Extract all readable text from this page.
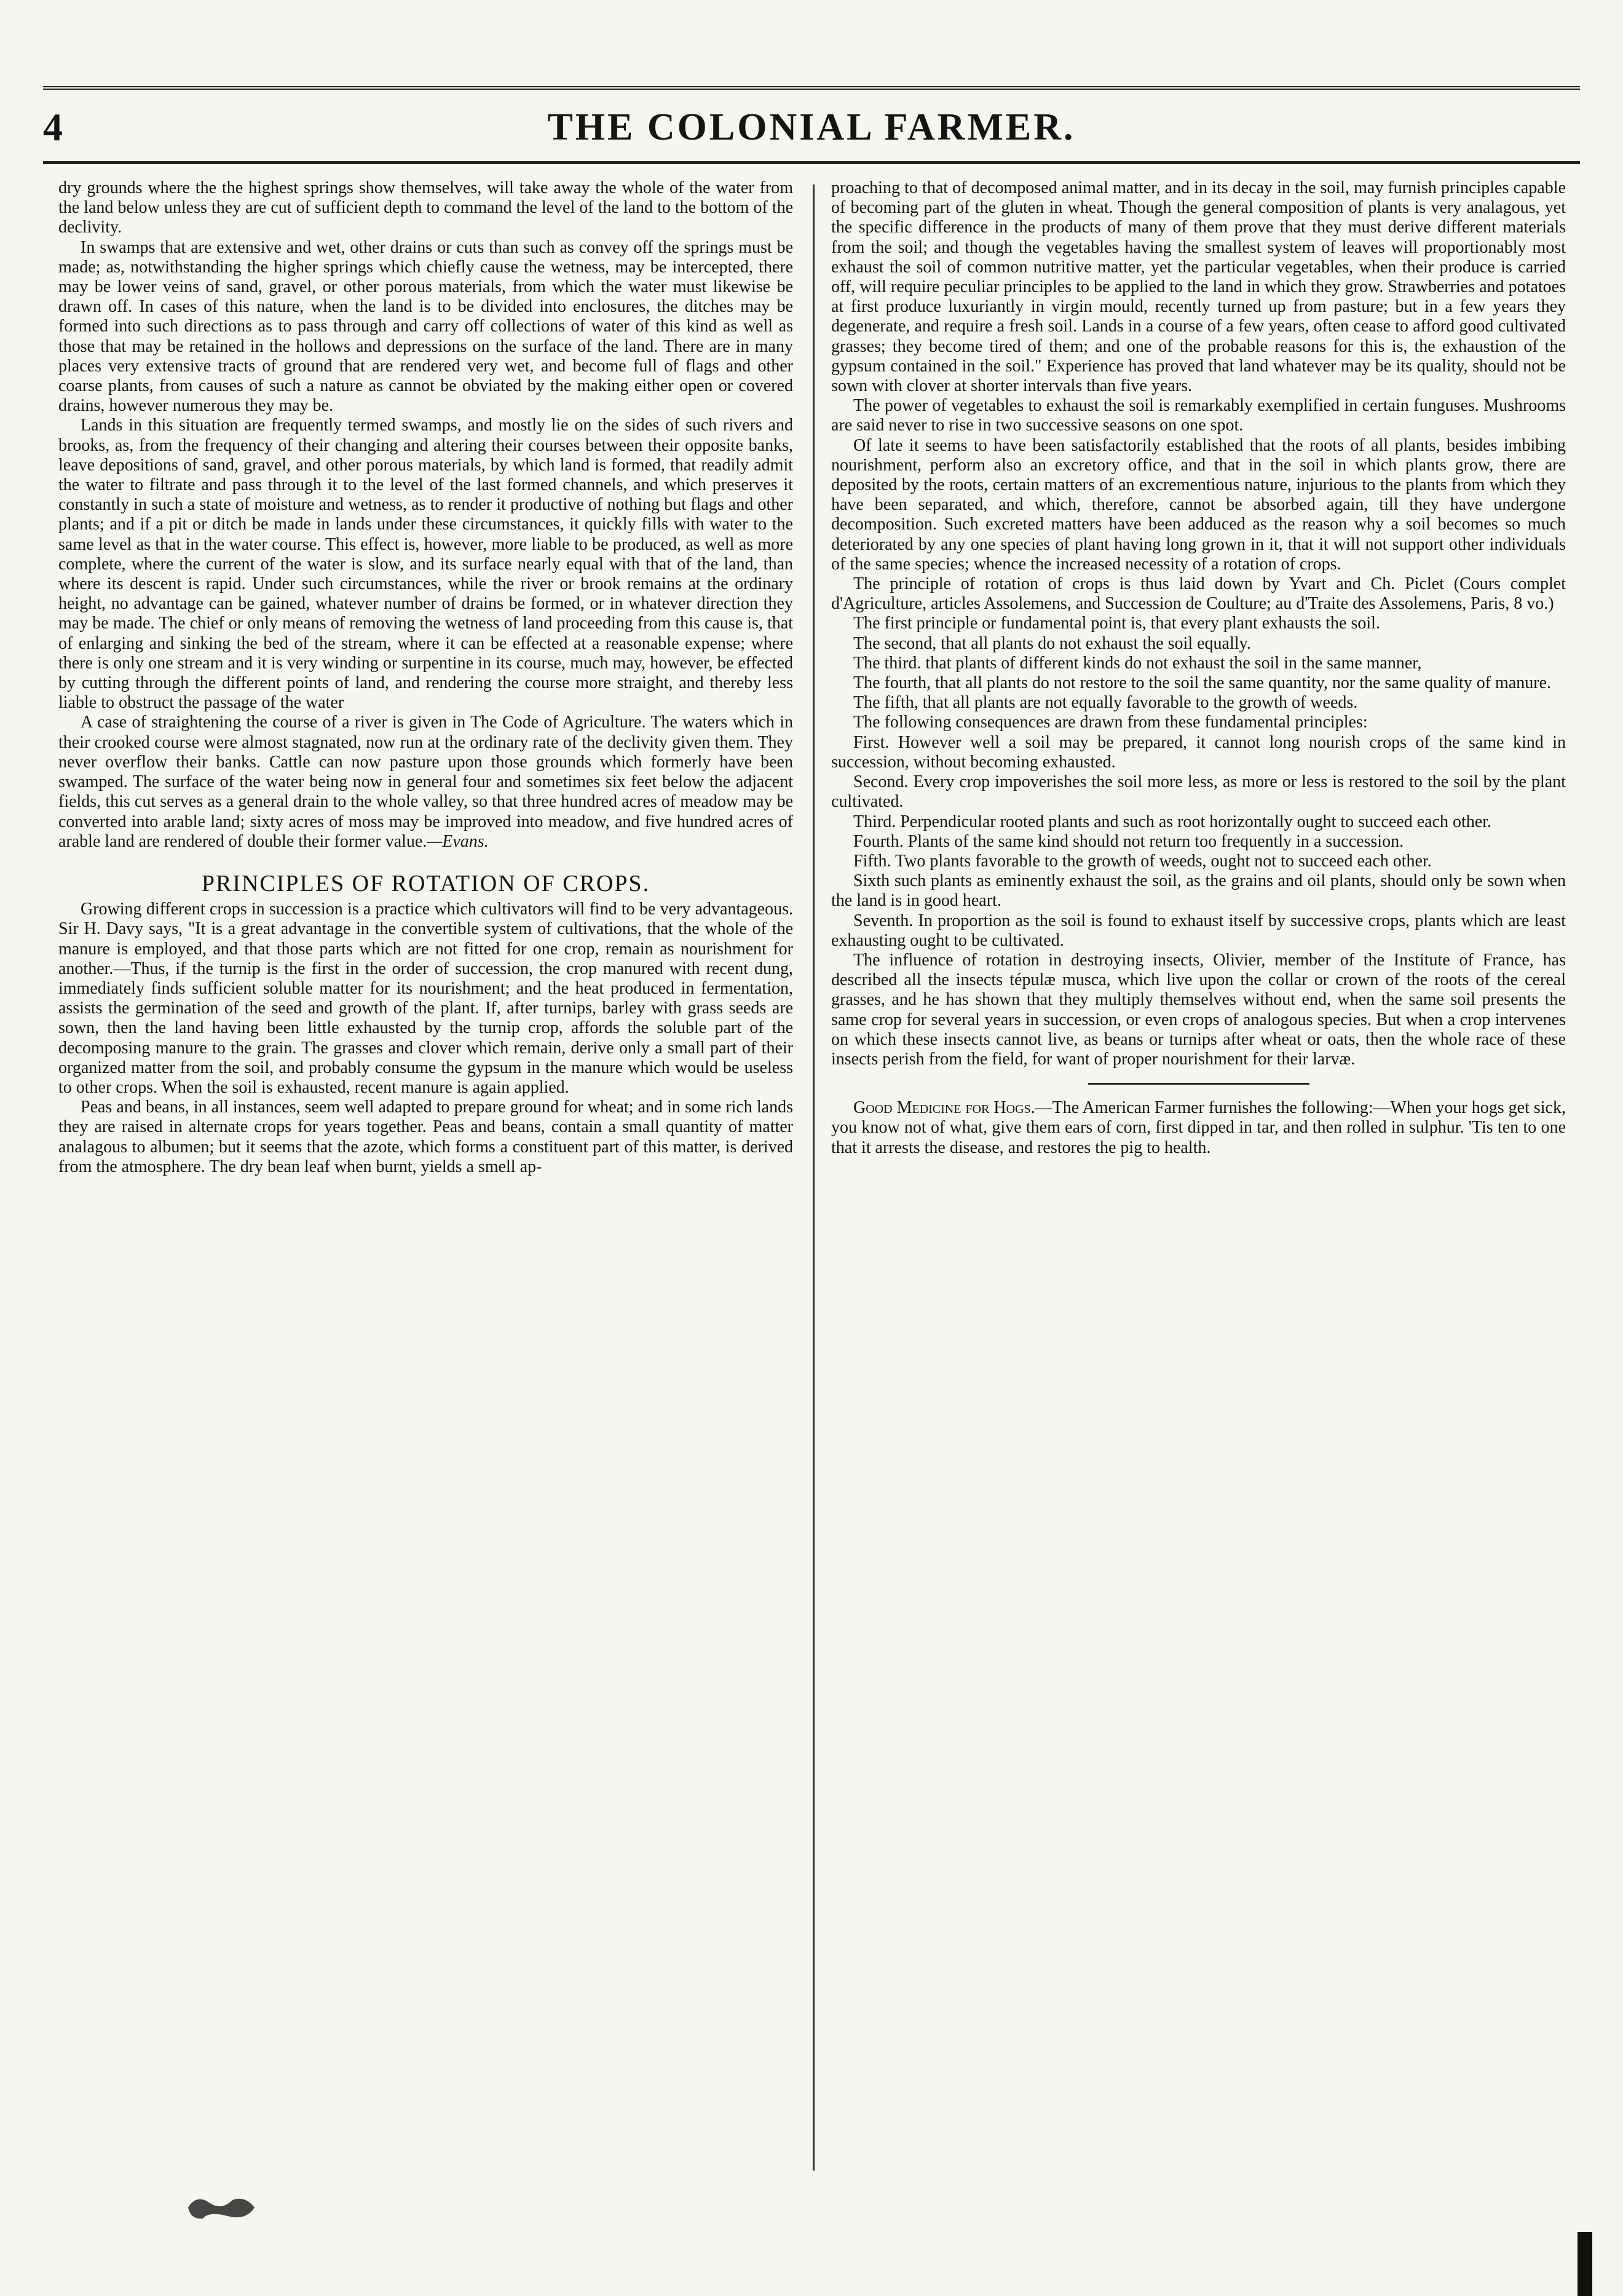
4	THE COLONIAL FARMER.

dry grounds where the the highest springs show themselves, will take away the whole of the water from the land below unless they are cut of sufficient depth to command the level of the land to the bottom of the declivity.

In swamps that are extensive and wet, other drains or cuts than such as convey off the springs must be made; as, notwithstanding the higher springs which chiefly cause the wetness, may be intercepted, there may be lower veins of sand, gravel, or other porous materials, from which the water must likewise be drawn off. In cases of this nature, when the land is to be divided into enclosures, the ditches may be formed into such directions as to pass through and carry off collections of water of this kind as well as those that may be retained in the hollows and depressions on the surface of the land. There are in many places very extensive tracts of ground that are rendered very wet, and become full of flags and other coarse plants, from causes of such a nature as cannot be obviated by the making either open or covered drains, however numerous they may be.

Lands in this situation are frequently termed swamps, and mostly lie on the sides of such rivers and brooks, as, from the frequency of their changing and altering their courses between their opposite banks, leave depositions of sand, gravel, and other porous materials, by which land is formed, that readily admit the water to filtrate and pass through it to the level of the last formed channels, and which preserves it constantly in such a state of moisture and wetness, as to render it productive of nothing but flags and other plants; and if a pit or ditch be made in lands under these circumstances, it quickly fills with water to the same level as that in the water course. This effect is, however, more liable to be produced, as well as more complete, where the current of the water is slow, and its surface nearly equal with that of the land, than where its descent is rapid. Under such circumstances, while the river or brook remains at the ordinary height, no advantage can be gained, whatever number of drains be formed, or in whatever direction they may be made. The chief or only means of removing the wetness of land proceeding from this cause is, that of enlarging and sinking the bed of the stream, where it can be effected at a reasonable expense; where there is only one stream and it is very winding or surpentine in its course, much may, however, be effected by cutting through the different points of land, and rendering the course more straight, and thereby less liable to obstruct the passage of the water

A case of straightening the course of a river is given in The Code of Agriculture. The waters which in their crooked course were almost stagnated, now run at the ordinary rate of the declivity given them. They never overflow their banks. Cattle can now pasture upon those grounds which formerly have been swamped. The surface of the water being now in general four and sometimes six feet below the adjacent fields, this cut serves as a general drain to the whole valley, so that three hundred acres of meadow may be converted into arable land; sixty acres of moss may be improved into meadow, and five hundred acres of arable land are rendered of double their former value.—Evans.

PRINCIPLES OF ROTATION OF CROPS.

Growing different crops in succession is a practice which cultivators will find to be very advantageous. Sir H. Davy says, "It is a great advantage in the convertible system of cultivations, that the whole of the manure is employed, and that those parts which are not fitted for one crop, remain as nourishment for another.—Thus, if the turnip is the first in the order of succession, the crop manured with recent dung, immediately finds sufficient soluble matter for its nourishment; and the heat produced in fermentation, assists the germination of the seed and growth of the plant. If, after turnips, barley with grass seeds are sown, then the land having been little exhausted by the turnip crop, affords the soluble part of the decomposing manure to the grain. The grasses and clover which remain, derive only a small part of their organized matter from the soil, and probably consume the gypsum in the manure which would be useless to other crops. When the soil is exhausted, recent manure is again applied.

Peas and beans, in all instances, seem well adapted to prepare ground for wheat; and in some rich lands they are raised in alternate crops for years together. Peas and beans, contain a small quantity of matter analagous to albumen; but it seems that the azote, which forms a constituent part of this matter, is derived from the atmosphere. The dry bean leaf when burnt, yields a smell ap-

proaching to that of decomposed animal matter, and in its decay in the soil, may furnish principles capable of becoming part of the gluten in wheat. Though the general composition of plants is very analagous, yet the specific difference in the products of many of them prove that they must derive different materials from the soil; and though the vegetables having the smallest system of leaves will proportionably most exhaust the soil of common nutritive matter, yet the particular vegetables, when their produce is carried off, will require peculiar principles to be applied to the land in which they grow. Strawberries and potatoes at first produce luxuriantly in virgin mould, recently turned up from pasture; but in a few years they degenerate, and require a fresh soil. Lands in a course of a few years, often cease to afford good cultivated grasses; they become tired of them; and one of the probable reasons for this is, the exhaustion of the gypsum contained in the soil." Experience has proved that land whatever may be its quality, should not be sown with clover at shorter intervals than five years.

The power of vegetables to exhaust the soil is remarkably exemplified in certain funguses. Mushrooms are said never to rise in two successive seasons on one spot.

Of late it seems to have been satisfactorily established that the roots of all plants, besides imbibing nourishment, perform also an excretory office, and that in the soil in which plants grow, there are deposited by the roots, certain matters of an excrementious nature, injurious to the plants from which they have been separated, and which, therefore, cannot be absorbed again, till they have undergone decomposition. Such excreted matters have been adduced as the reason why a soil becomes so much deteriorated by any one species of plant having long grown in it, that it will not support other individuals of the same species; whence the increased necessity of a rotation of crops.

The principle of rotation of crops is thus laid down by Yvart and Ch. Piclet (Cours complet d'Agriculture, articles Assolemens, and Succession de Coulture; au d'Traite des Assolemens, Paris, 8 vo.)

The first principle or fundamental point is, that every plant exhausts the soil.

The second, that all plants do not exhaust the soil equally.

The third. that plants of different kinds do not exhaust the soil in the same manner,

The fourth, that all plants do not restore to the soil the same quantity, nor the same quality of manure.

The fifth, that all plants are not equally favorable to the growth of weeds.

The following consequences are drawn from these fundamental principles:

First. However well a soil may be prepared, it cannot long nourish crops of the same kind in succession, without becoming exhausted.

Second. Every crop impoverishes the soil more less, as more or less is restored to the soil by the plant cultivated.

Third. Perpendicular rooted plants and such as root horizontally ought to succeed each other.

Fourth. Plants of the same kind should not return too frequently in a succession.

Fifth. Two plants favorable to the growth of weeds, ought not to succeed each other.

Sixth such plants as eminently exhaust the soil, as the grains and oil plants, should only be sown when the land is in good heart.

Seventh. In proportion as the soil is found to exhaust itself by successive crops, plants which are least exhausting ought to be cultivated.

The influence of rotation in destroying insects, Olivier, member of the Institute of France, has described all the insects tépulæ musca, which live upon the collar or crown of the roots of the cereal grasses, and he has shown that they multiply themselves without end, when the same soil presents the same crop for several years in succession, or even crops of analogous species. But when a crop intervenes on which these insects cannot live, as beans or turnips after wheat or oats, then the whole race of these insects perish from the field, for want of proper nourishment for their larvæ.

Good Medicine for Hogs.—The American Farmer furnishes the following:—When your hogs get sick, you know not of what, give them ears of corn, first dipped in tar, and then rolled in sulphur. 'Tis ten to one that it arrests the disease, and restores the pig to health.
